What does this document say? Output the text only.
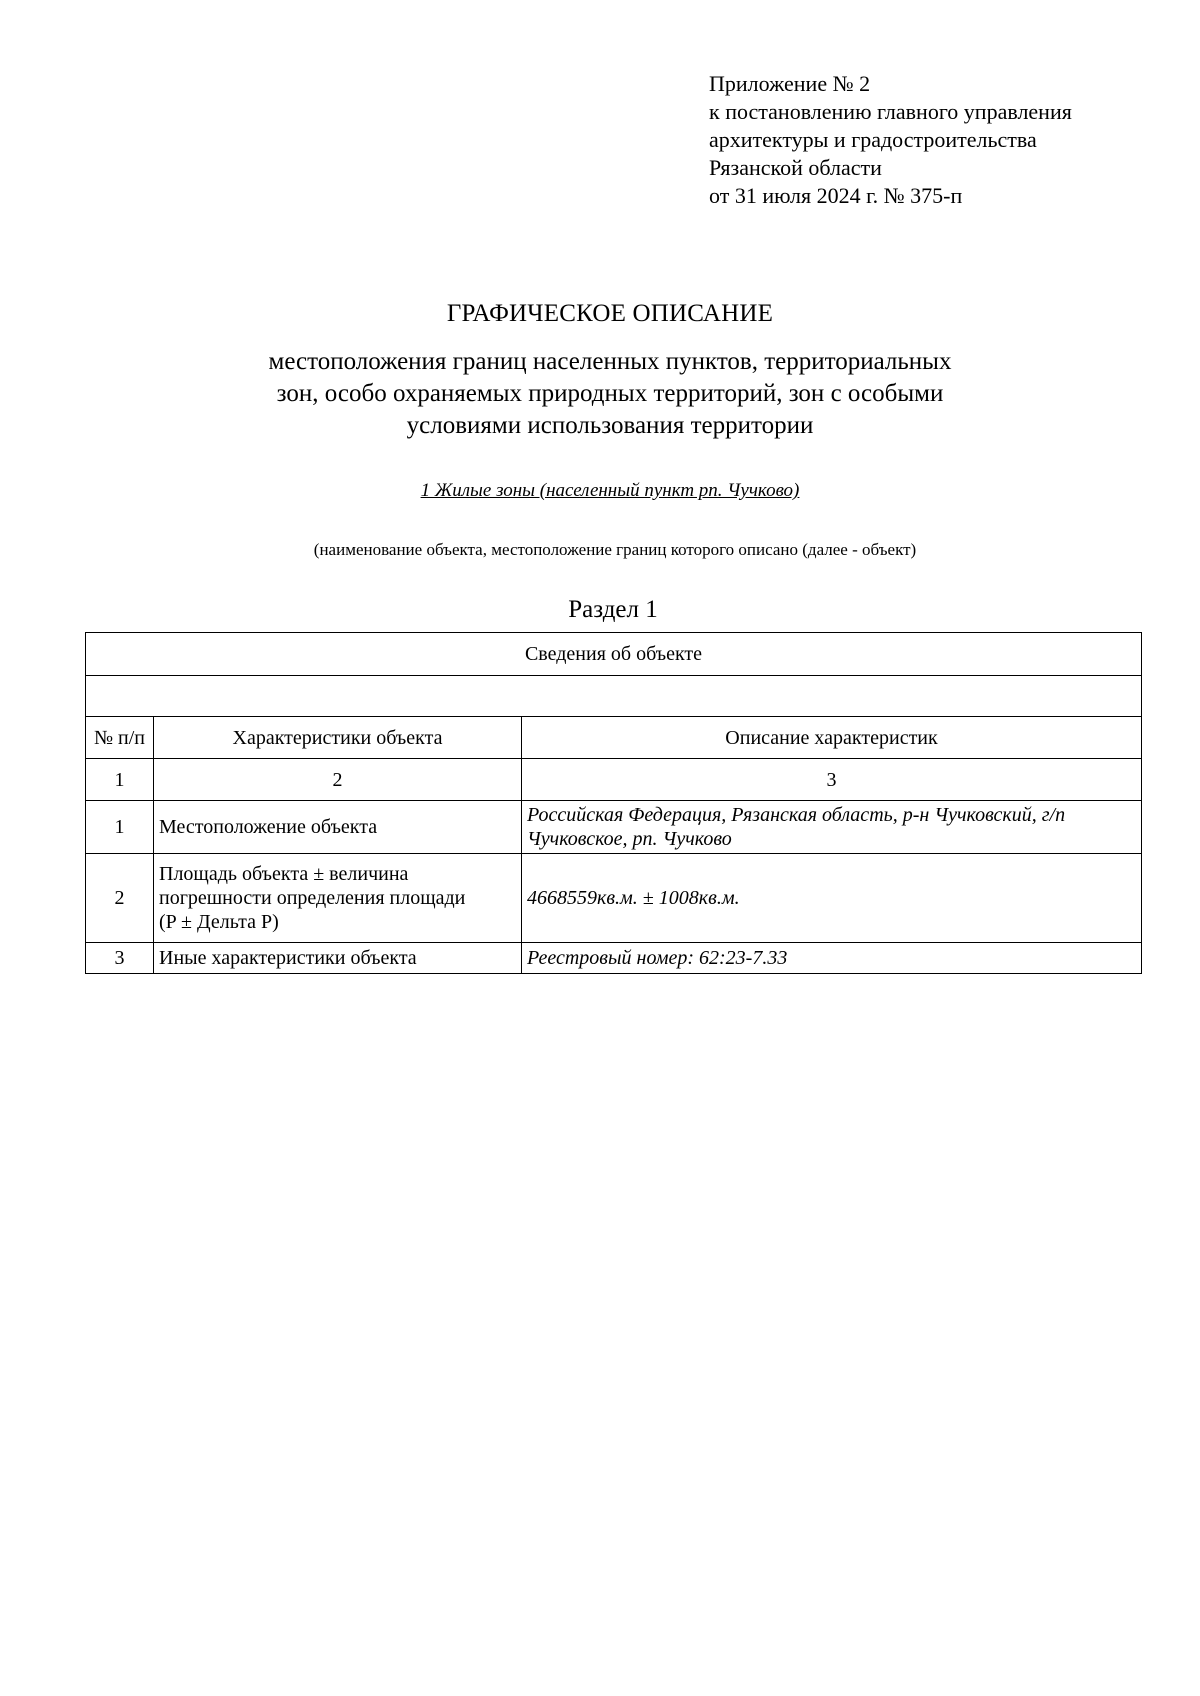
Приложение № 2
к постановлению главного управления
архитектуры и градостроительства
Рязанской области
от 31 июля 2024 г. № 375-п
ГРАФИЧЕСКОЕ ОПИСАНИЕ
местоположения границ населенных пунктов, территориальных
зон, особо охраняемых природных территорий, зон с особыми
условиями использования территории
1 Жилые зоны (населенный пункт рп. Чучково)
(наименование объекта, местоположение границ которого описано (далее - объект)
Раздел 1
Сведения об объекте		

№ п/п	Характеристики объекта	Описание характеристик
1	2	3
1	Местоположение объекта	Российская Федерация, Рязанская область, р-н Чучковский, г/п Чучковское, рп. Чучково
2	Площадь объекта ± величина
погрешности определения площади
(P ± Дельта P)	4668559кв.м. ± 1008кв.м.
3	Иные характеристики объекта	Реестровый номер: 62:23-7.33
